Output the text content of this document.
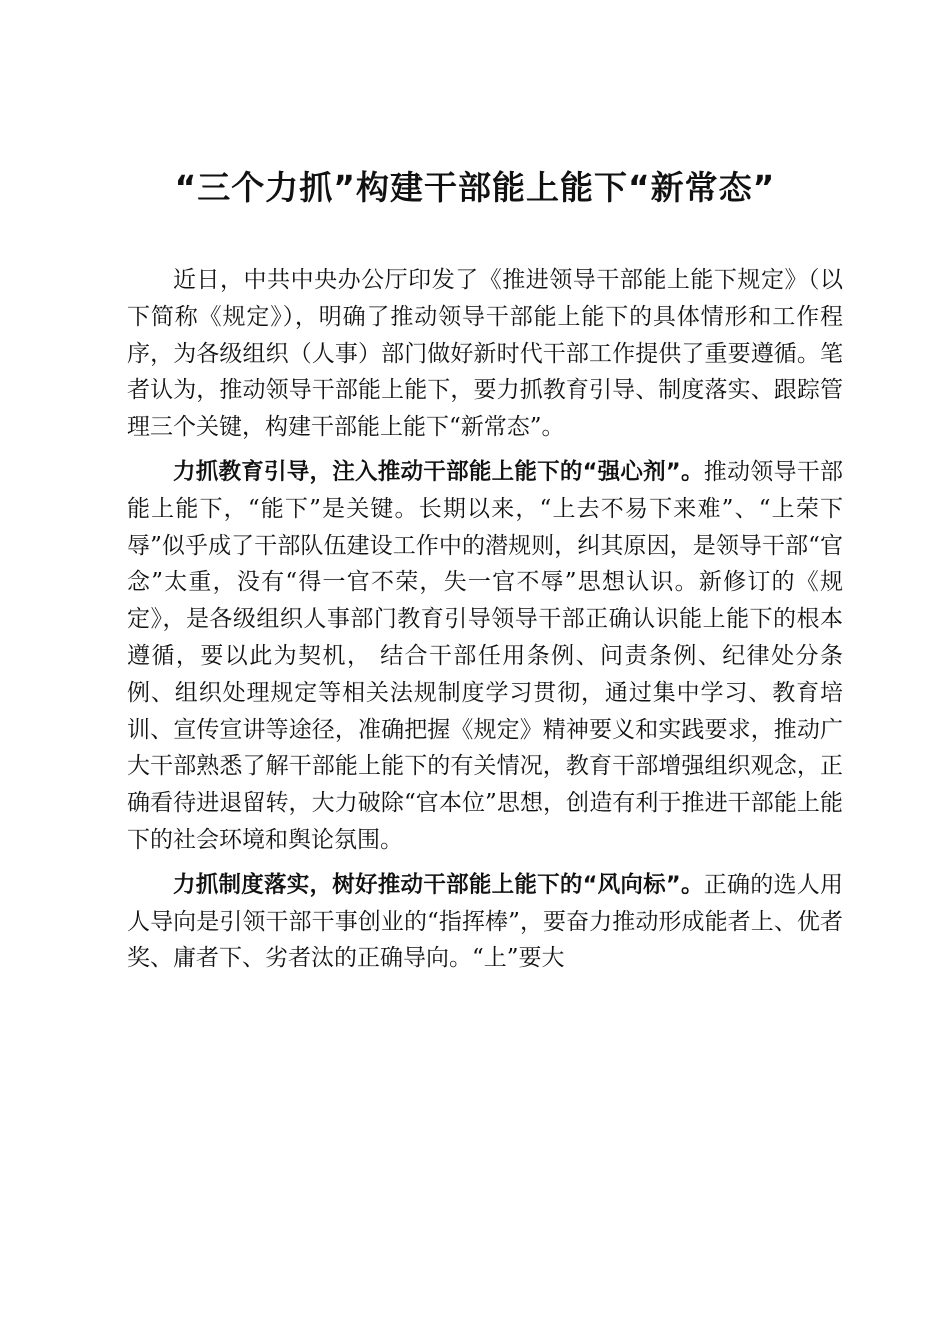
“三个力抓”构建干部能上能下“新常态”

近日，中共中央办公厅印发了《推进领导干部能上能下规定》（以下简称《规定》），明确了推动领导干部能上能下的具体情形和工作程序，为各级组织（人事）部门做好新时代干部工作提供了重要遵循。笔者认为，推动领导干部能上能下，要力抓教育引导、制度落实、跟踪管理三个关键，构建干部能上能下“新常态”。

力抓教育引导，注入推动干部能上能下的“强心剂”。推动领导干部能上能下，“能下”是关键。长期以来，“上去不易下来难”、“上荣下辱”似乎成了干部队伍建设工作中的潜规则，纠其原因，是领导干部“官念”太重，没有“得一官不荣，失一官不辱”思想认识。新修订的《规定》，是各级组织人事部门教育引导领导干部正确认识能上能下的根本遵循，要以此为契机， 结合干部任用条例、问责条例、纪律处分条例、组织处理规定等相关法规制度学习贯彻，通过集中学习、教育培训、宣传宣讲等途径，准确把握《规定》精神要义和实践要求，推动广大干部熟悉了解干部能上能下的有关情况，教育干部增强组织观念，正确看待进退留转，大力破除“官本位”思想，创造有利于推进干部能上能下的社会环境和舆论氛围。

力抓制度落实，树好推动干部能上能下的“风向标”。正确的选人用人导向是引领干部干事创业的“指挥棒”，要奋力推动形成能者上、优者奖、庸者下、劣者汰的正确导向。“上”要大
